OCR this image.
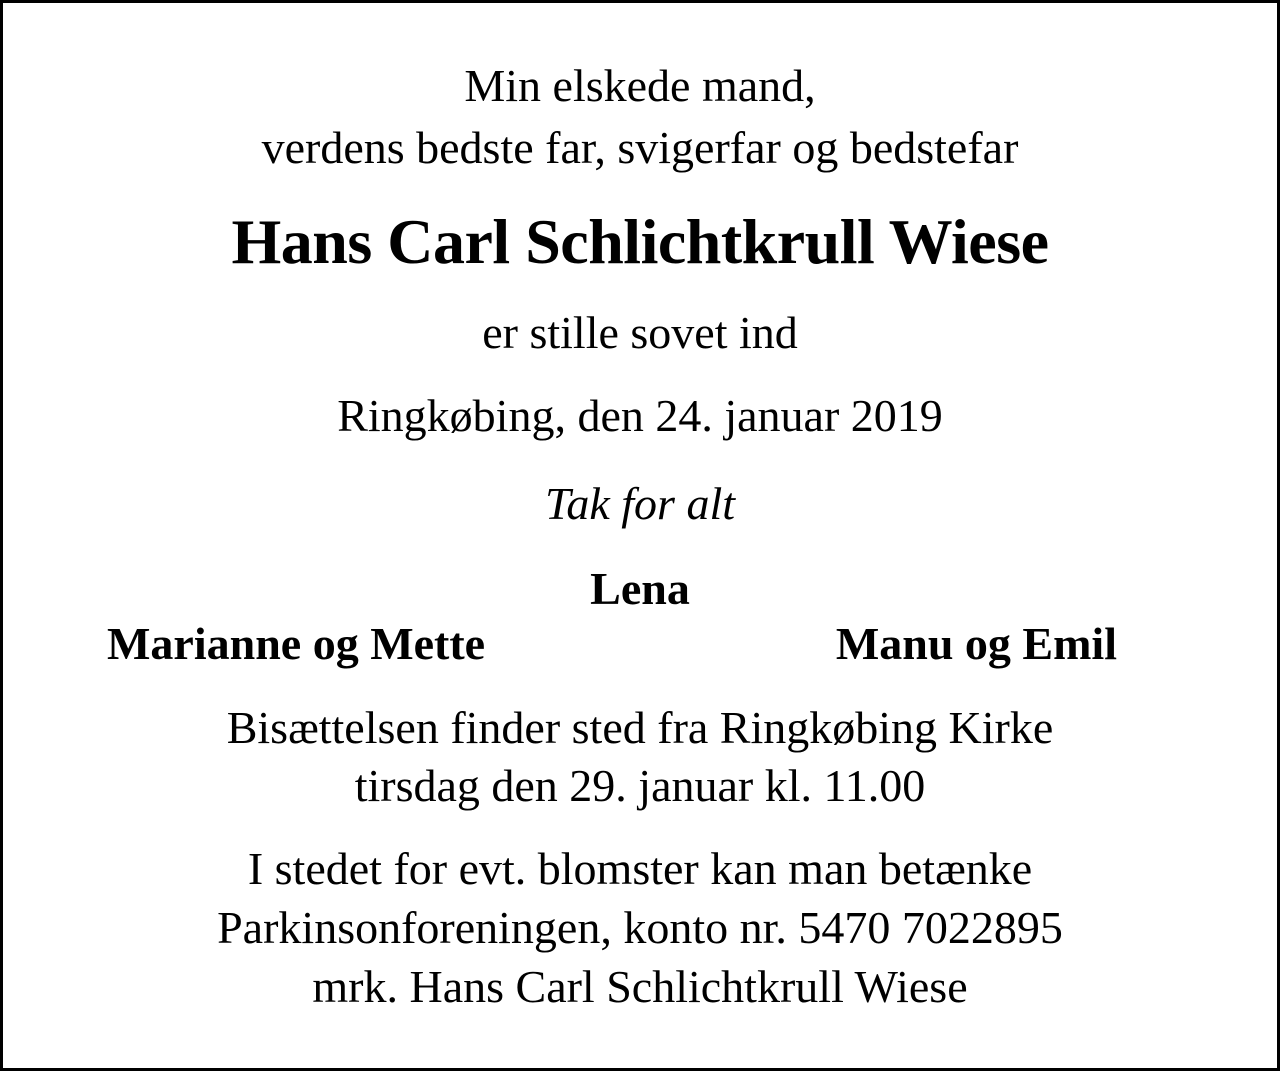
Min elskede mand,
verdens bedste far, svigerfar og bedstefar
Hans Carl Schlichtkrull Wiese
er stille sovet ind
Ringkøbing, den 24. januar 2019
Tak for alt
Lena
Marianne og Mette	Manu og Emil
Bisættelsen finder sted fra Ringkøbing Kirke
tirsdag den 29. januar kl. 11.00
I stedet for evt. blomster kan man betænke
Parkinsonforeningen, konto nr. 5470 7022895
mrk. Hans Carl Schlichtkrull Wiese
